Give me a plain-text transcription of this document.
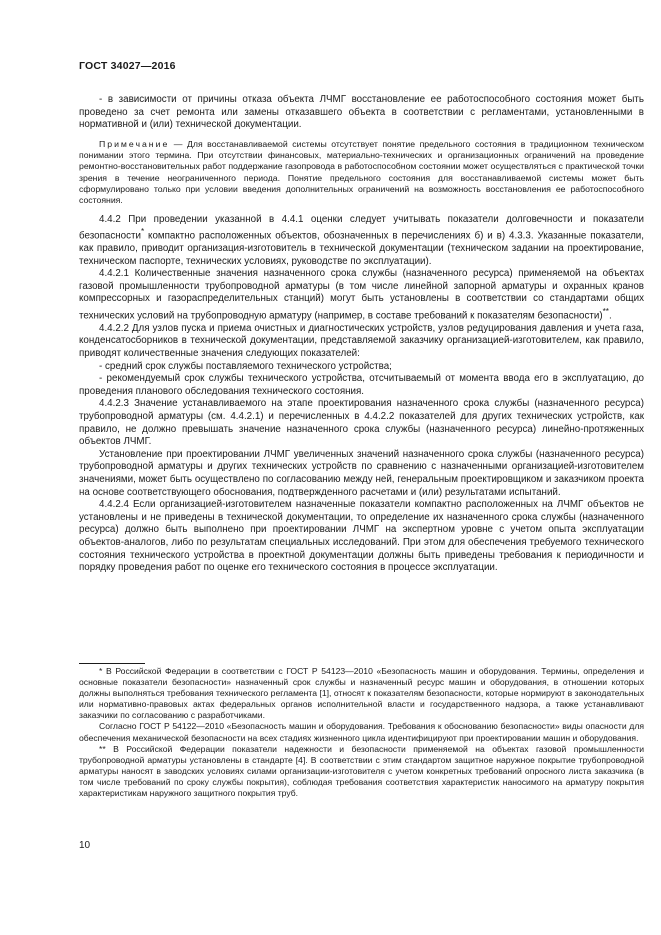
ГОСТ 34027—2016

- в зависимости от причины отказа объекта ЛЧМГ восстановление ее работоспособного состояния может быть проведено за счет ремонта или замены отказавшего объекта в соответствии с регламентами, установленными в нормативной и (или) технической документации.

Примечание — Для восстанавливаемой системы отсутствует понятие предельного состояния в традиционном техническом понимании этого термина. При отсутствии финансовых, материально-технических и организационных ограничений на проведение ремонтно-восстановительных работ поддержание газопровода в работоспособном состоянии может осуществляться с практической точки зрения в течение неограниченного периода. Понятие предельного состояния для восстанавливаемой системы может быть сформулировано только при условии введения дополнительных ограничений на возможность восстановления ее работоспособного состояния.

4.4.2 При проведении указанной в 4.4.1 оценки следует учитывать показатели долговечности и показатели безопасности* компактно расположенных объектов, обозначенных в перечислениях б) и в) 4.3.3. Указанные показатели, как правило, приводит организация-изготовитель в технической документации (техническом задании на проектирование, техническом паспорте, технических условиях, руководстве по эксплуатации).

4.4.2.1 Количественные значения назначенного срока службы (назначенного ресурса) применяемой на объектах газовой промышленности трубопроводной арматуры (в том числе линейной запорной арматуры и охранных кранов компрессорных и газораспределительных станций) могут быть установлены в соответствии со стандартами общих технических условий на трубопроводную арматуру (например, в составе требований к показателям безопасности)**.

4.4.2.2 Для узлов пуска и приема очистных и диагностических устройств, узлов редуцирования давления и учета газа, конденсатосборников в технической документации, представляемой заказчику организацией-изготовителем, как правило, приводят количественные значения следующих показателей:

- средний срок службы поставляемого технического устройства;

- рекомендуемый срок службы технического устройства, отсчитываемый от момента ввода его в эксплуатацию, до проведения планового обследования технического состояния.

4.4.2.3 Значение устанавливаемого на этапе проектирования назначенного срока службы (назначенного ресурса) трубопроводной арматуры (см. 4.4.2.1) и перечисленных в 4.4.2.2 показателей для других технических устройств, как правило, не должно превышать значение назначенного срока службы (назначенного ресурса) линейно-протяженных объектов ЛЧМГ.

Установление при проектировании ЛЧМГ увеличенных значений назначенного срока службы (назначенного ресурса) трубопроводной арматуры и других технических устройств по сравнению с назначенными организацией-изготовителем значениями, может быть осуществлено по согласованию между ней, генеральным проектировщиком и заказчиком проекта на основе соответствующего обоснования, подтвержденного расчетами и (или) результатами испытаний.

4.4.2.4 Если организацией-изготовителем назначенные показатели компактно расположенных на ЛЧМГ объектов не установлены и не приведены в технической документации, то определение их назначенного срока службы (назначенного ресурса) должно быть выполнено при проектировании ЛЧМГ на экспертном уровне с учетом опыта эксплуатации объектов-аналогов, либо по результатам специальных исследований. При этом для обеспечения требуемого технического состояния технического устройства в проектной документации должны быть приведены требования к периодичности и порядку проведения работ по оценке его технического состояния в процессе эксплуатации.

* В Российской Федерации в соответствии с ГОСТ Р 54123—2010 «Безопасность машин и оборудования. Термины, определения и основные показатели безопасности» назначенный срок службы и назначенный ресурс машин и оборудования, в отношении которых должны выполняться требования технического регламента [1], относят к показателям безопасности, которые нормируют в законодательных или нормативно-правовых актах федеральных органов исполнительной власти и государственного надзора, а также устанавливают заказчики по согласованию с разработчиками.

Согласно ГОСТ Р 54122—2010 «Безопасность машин и оборудования. Требования к обоснованию безопасности» виды опасности для обеспечения механической безопасности на всех стадиях жизненного цикла идентифицируют при проектировании машин и оборудования.

** В Российской Федерации показатели надежности и безопасности применяемой на объектах газовой промышленности трубопроводной арматуры установлены в стандарте [4]. В соответствии с этим стандартом защитное наружное покрытие трубопроводной арматуры наносят в заводских условиях силами организации-изготовителя с учетом конкретных требований опросного листа заказчика (в том числе требований по сроку службы покрытия), соблюдая требования соответствия характеристик наносимого на арматуру покрытия характеристикам наружного защитного покрытия труб.

10
